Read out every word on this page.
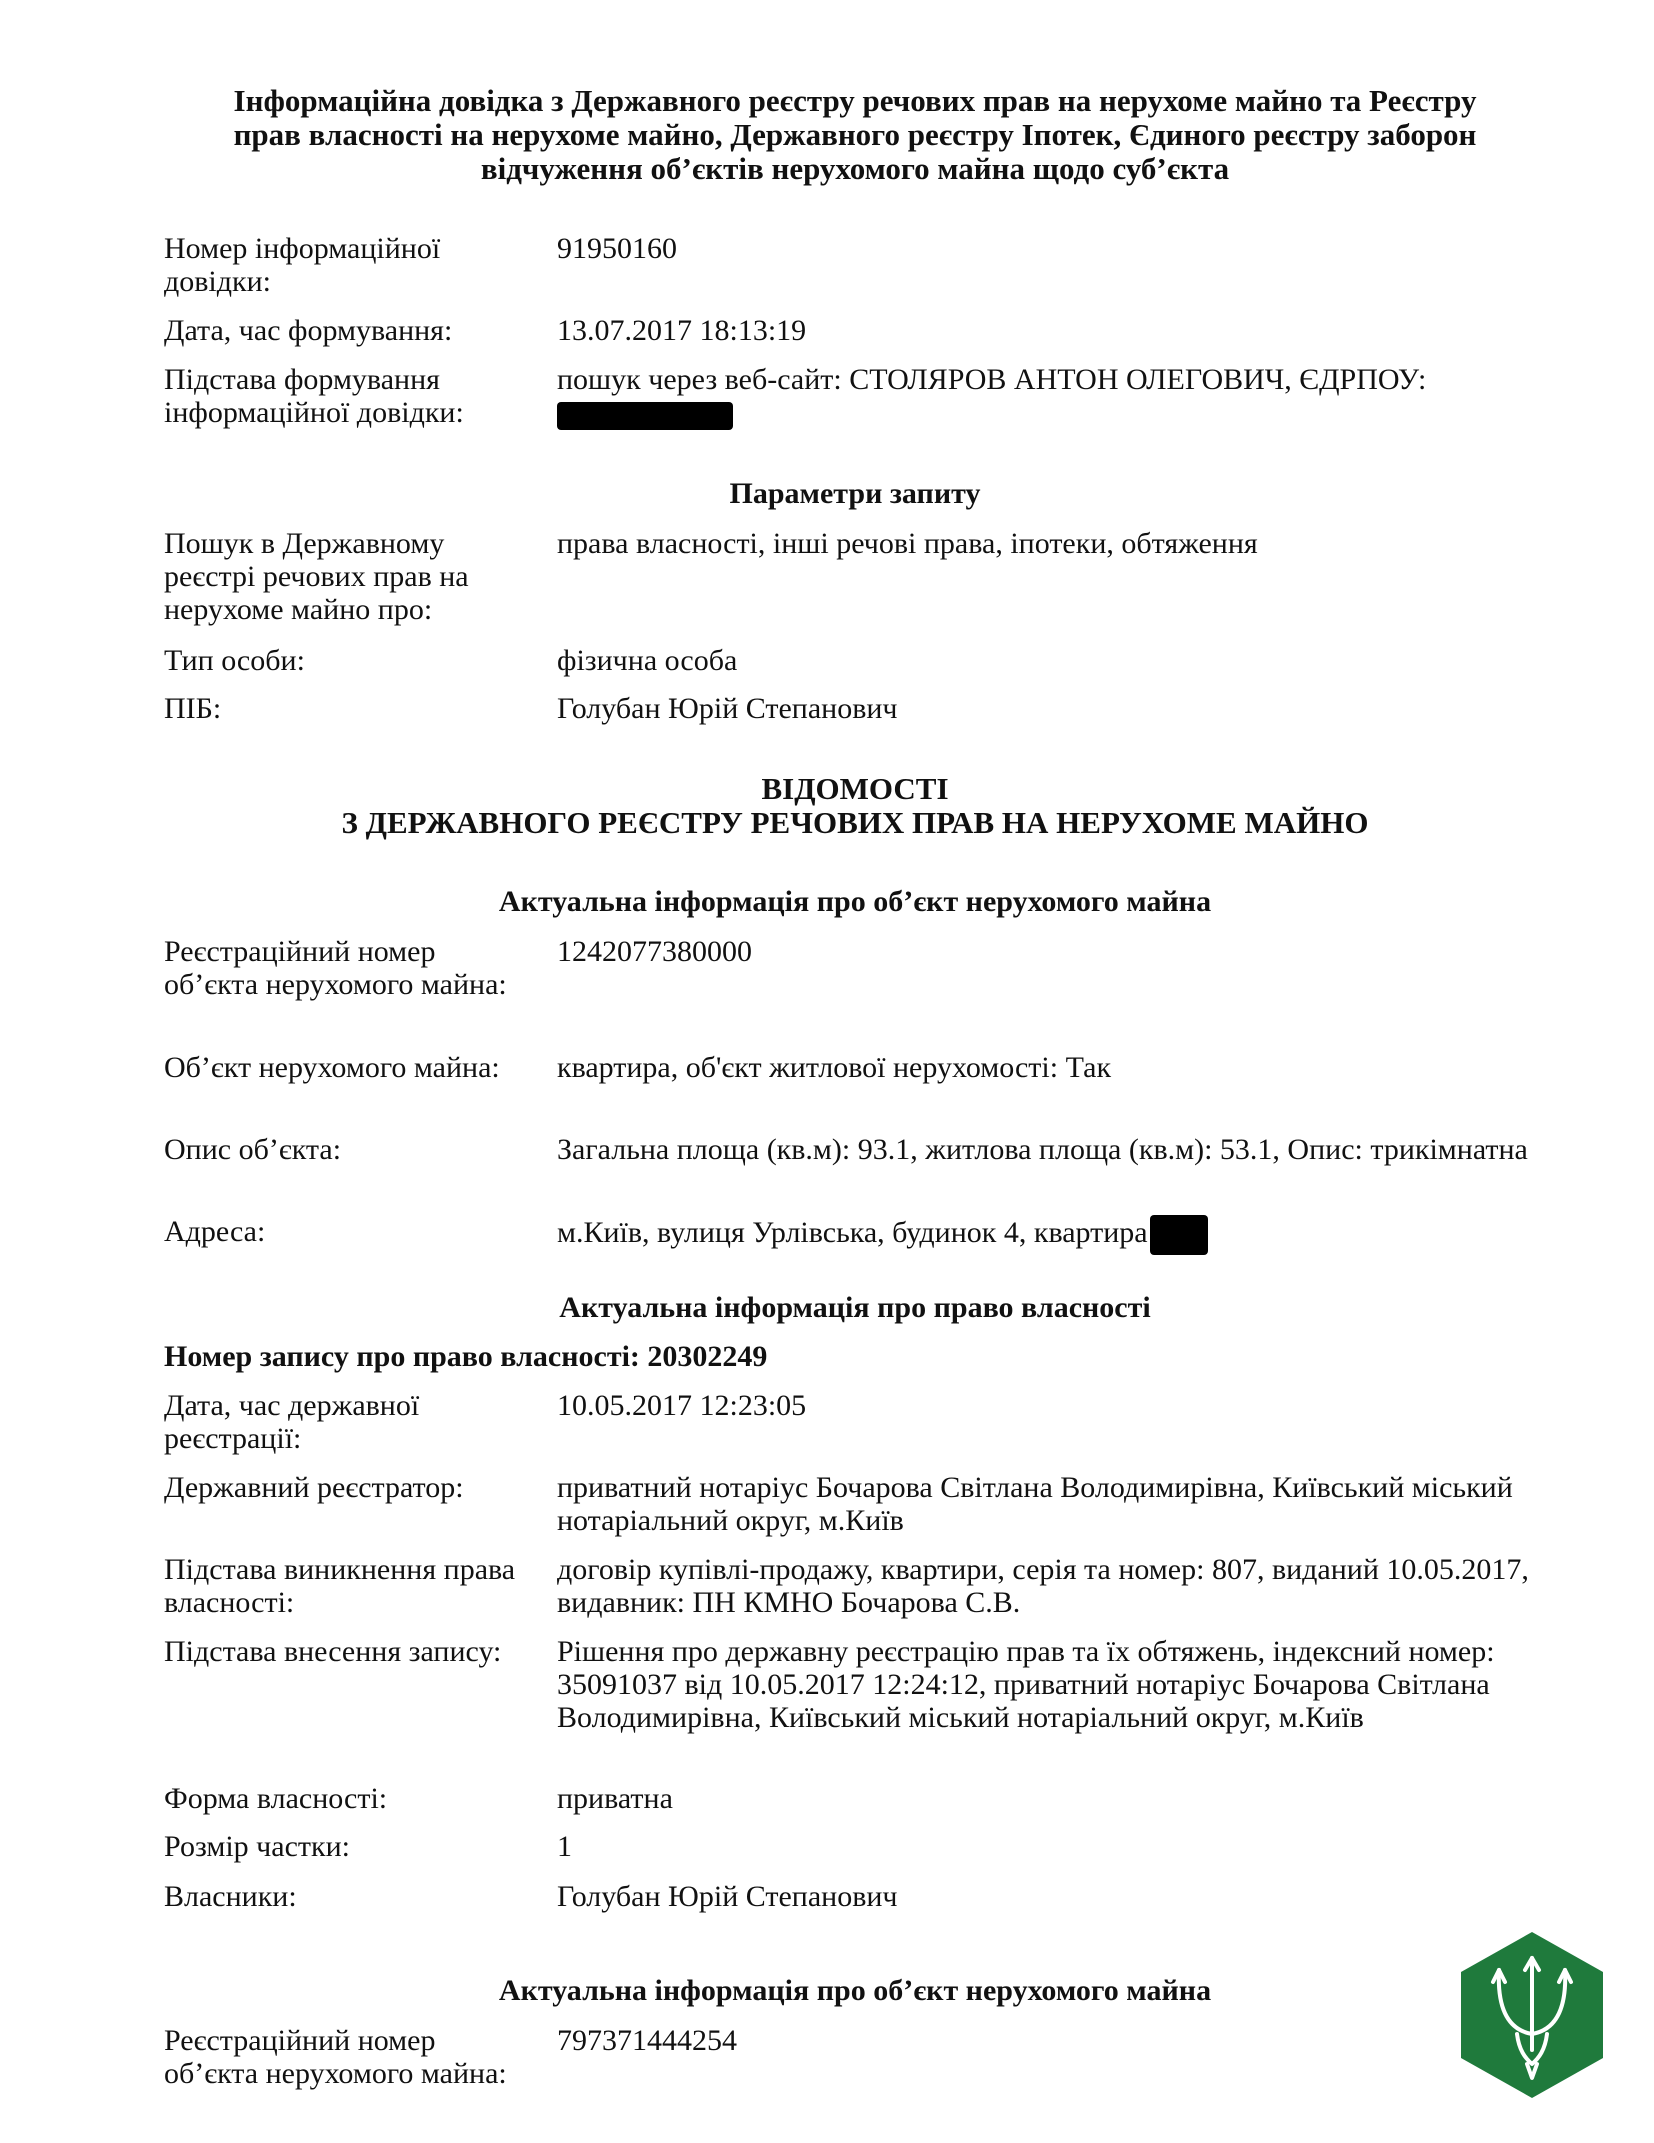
Інформаційна довідка з Державного реєстру речових прав на нерухоме майно та Реєстру
прав власності на нерухоме майно, Державного реєстру Іпотек, Єдиного реєстру заборон
відчуження об’єктів нерухомого майна щодо суб’єкта
Номер інформаційної довідки:
91950160
Дата, час формування:	13.07.2017 18:13:19
Підстава формування інформаційної довідки:
пошук через веб-сайт: СТОЛЯРОВ АНТОН ОЛЕГОВИЧ, ЄДРПОУ:

Параметри запиту
Пошук в Державному реєстрі речових прав на нерухоме майно про:
права власності, інші речові права, іпотеки, обтяження
Тип особи:	фізична особа
ПІБ:	Голубан Юрій Степанович
ВІДОМОСТІ
З ДЕРЖАВНОГО РЕЄСТРУ РЕЧОВИХ ПРАВ НА НЕРУХОМЕ МАЙНО
Актуальна інформація про об’єкт нерухомого майна
Реєстраційний номер об’єкта нерухомого майна:
1242077380000
Об’єкт нерухомого майна:	квартира, об'єкт житлової нерухомості: Так
Опис об’єкта:	Загальна площа (кв.м): 93.1, житлова площа (кв.м): 53.1, Опис: трикімнатна
Адреса:	м.Київ, вулиця Урлівська, будинок 4, квартира
Актуальна інформація про право власності
Номер запису про право власності: 20302249
Дата, час державної реєстрації:
10.05.2017 12:23:05
Державний реєстратор:	приватний нотаріус Бочарова Світлана Володимирівна, Київський міський нотаріальний округ, м.Київ
Підстава виникнення права власності:
договір купівлі-продажу, квартири, серія та номер: 807, виданий 10.05.2017, видавник: ПН КМНО Бочарова С.В.
Підстава внесення запису:	Рішення про державну реєстрацію прав та їх обтяжень, індексний номер: 35091037 від 10.05.2017 12:24:12, приватний нотаріус Бочарова Світлана Володимирівна, Київський міський нотаріальний округ, м.Київ
Форма власності:	приватна
Розмір частки:	1
Власники:	Голубан Юрій Степанович
Актуальна інформація про об’єкт нерухомого майна
Реєстраційний номер об’єкта нерухомого майна:
797371444254
